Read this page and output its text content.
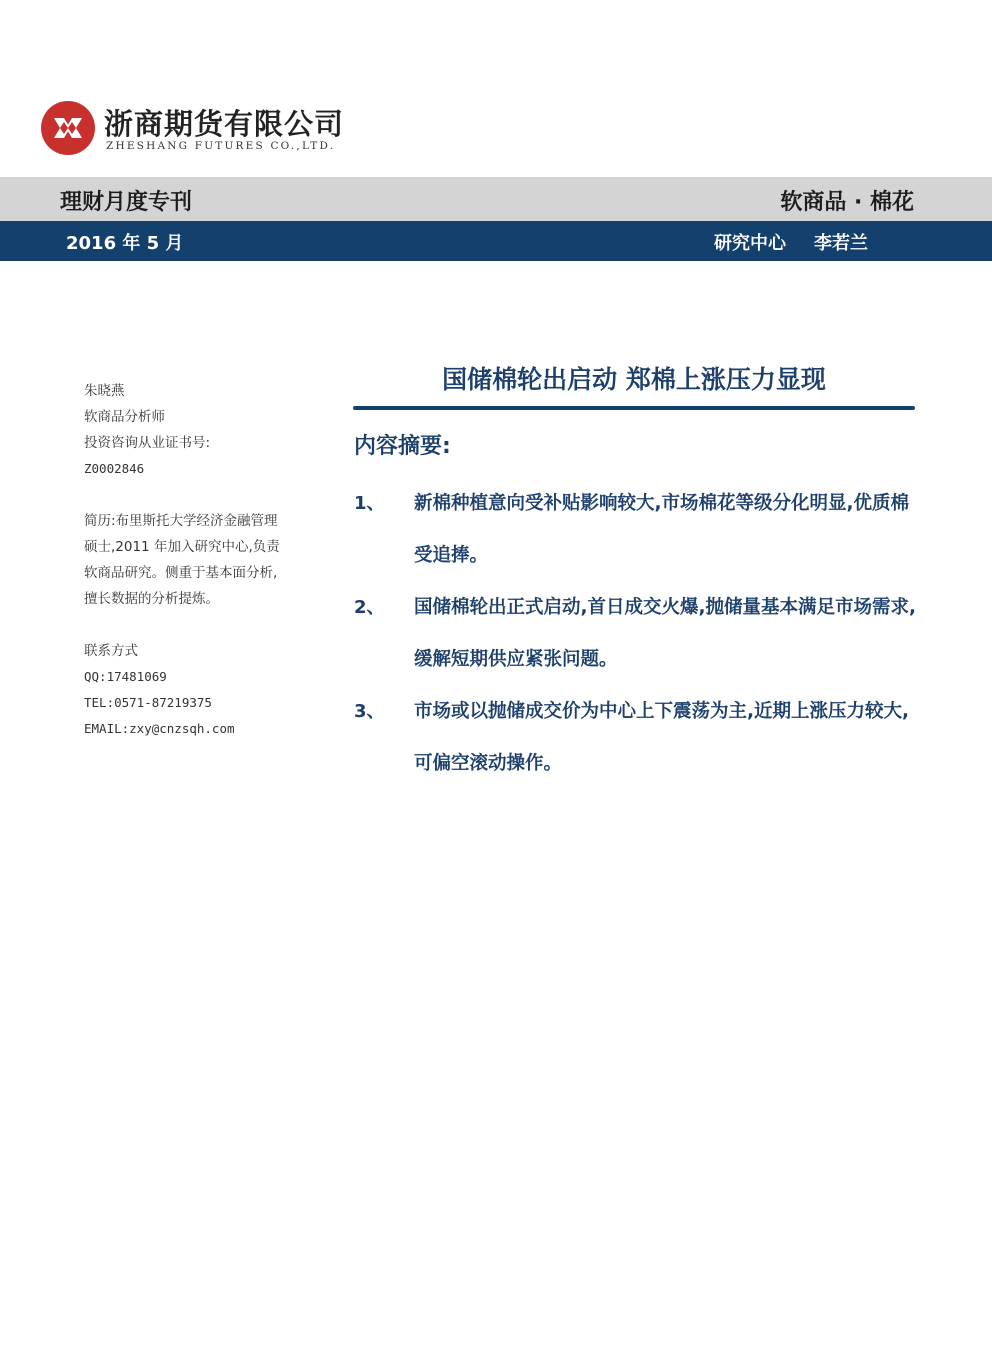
浙商期货有限公司
ZHESHANG FUTURES CO.,LTD.
理财月度专刊	软商品 · 棉花
2016 年 5 月	研究中心 李若兰
朱晓燕
软商品分析师
投资咨询从业证书号:
Z0002846
简历:布里斯托大学经济金融管理硕士,2011 年加入研究中心,负责软商品研究。侧重于基本面分析,擅长数据的分析提炼。
联系方式
QQ:17481069
TEL:0571-87219375
EMAIL:zxy@cnzsqh.com
国储棉轮出启动 郑棉上涨压力显现
内容摘要:
1、 新棉种植意向受补贴影响较大,市场棉花等级分化明显,优质棉受追捧。
2、 国储棉轮出正式启动,首日成交火爆,抛储量基本满足市场需求,缓解短期供应紧张问题。
3、 市场或以抛储成交价为中心上下震荡为主,近期上涨压力较大,可偏空滚动操作。
